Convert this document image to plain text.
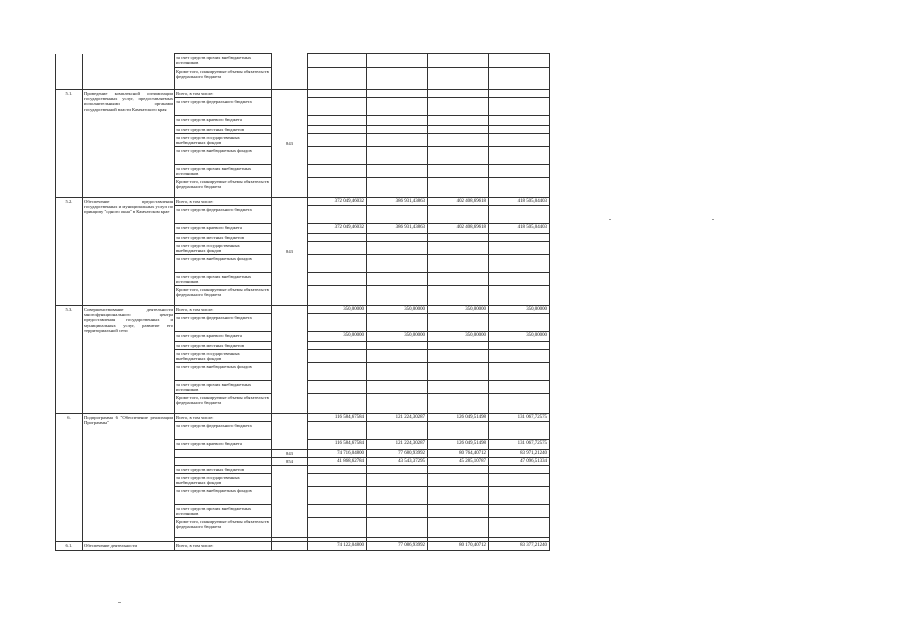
		за счет средств прочих внебюджетных источников					
		Кроме того, планируемые объемы обязательств федерального бюджета					
5.1.	Проведение комплексной оптимизации государственных услуг, предоставляемых исполнительными органами государственной власти Камчатского края	Всего, в том числе:	843				
		за счет средств федерального бюджета					
		за счет средств краевого бюджета					
		за счет средств местных бюджетов					
		за счет средств государственных внебюджетных фондов					
		за счет средств внебюджетных фондов					
		за счет средств прочих внебюджетных источников					
		Кроме того, планируемые объемы обязательств федерального бюджета					
5.2.	Обеспечение предоставления государственных и муниципальных услуп по принципу "одного окна" в Камчатском крае	Всего, в том числе:	843	372 049,46032	386 931,43863	402 408,69618	418 505,04403
		за счет средств федерального бюджета					
		за счет средств краевого бюджета		372 049,46032	386 931,43863	402 408,69618	418 505,04403
		за счет средств местных бюджетов					
		за счет средств государственных внебюджетных фондов					
		за счет средств внебюджетных фондов					
		за счет средств прочих внебюджетных источников					
		Кроме того, планируемые объемы обязательств федерального бюджета					
5.3.	Совершенствование деятельности многофункционального центра предоставления государственных и муниципальных услуг, развитие его территориальной сети	Всего, в том числе:		350,00000	350,00000	350,00000	350,00000
		за счет средств федерального бюджета					
		за счет средств краевого бюджета		350,00000	350,00000	350,00000	350,00000
		за счет средств местных бюджетов					
		за счет средств государственных внебюджетных фондов					
		за счет средств внебюджетных фондов					
		за счет средств прочих внебюджетных источников					
		Кроме того, планируемые объемы обязательств федерального бюджета					
6.	Подпрограмма 6 "Обеспечение реализации Программы"	Всего, в том числе:		116 584,67584	121 224,30287	126 049,51498	131 067,72575
		за счет средств федерального бюджета					
		за счет средств краевого бюджета		116 584,67584	121 224,30287	126 049,51498	131 067,72575
			843	74 716,04800	77 680,93992	80 764,40712	83 971,21240
			854	41 868,62784	43 543,37295	45 285,10787	47 096,51334
		за счет средств местных бюджетов					
		за счет средств государственных внебюджетных фондов					
		за счет средств внебюджетных фондов					
		за счет средств прочих внебюджетных источников					
		Кроме того, планируемые объемы обязательств федерального бюджета					

6.1.	Обеспечение деятельности	Всего, в том числе:		74 122,04800	77 086,93992	80 170,40712	83 377,21240
